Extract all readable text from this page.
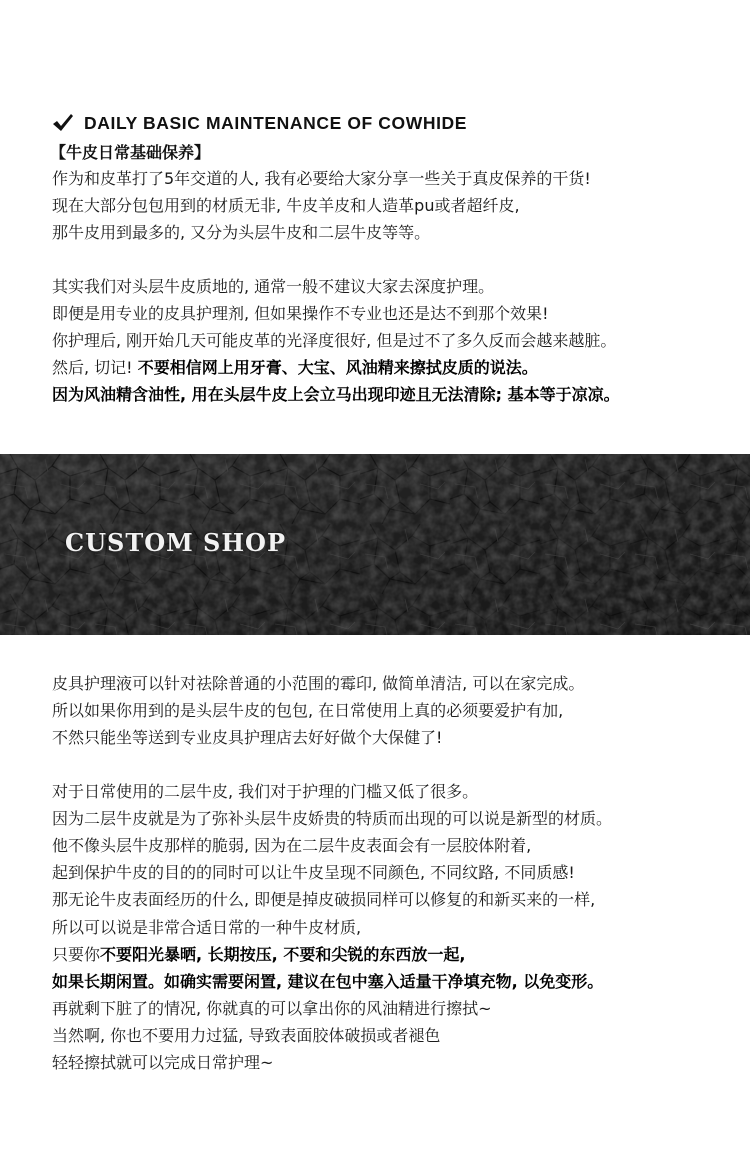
DAILY BASIC MAINTENANCE OF COWHIDE
【牛皮日常基础保养】

作为和皮革打了5年交道的人, 我有必要给大家分享一些关于真皮保养的干货!

现在大部分包包用到的材质无非, 牛皮羊皮和人造革pu或者超纤皮,

那牛皮用到最多的, 又分为头层牛皮和二层牛皮等等。

其实我们对头层牛皮质地的, 通常一般不建议大家去深度护理。

即便是用专业的皮具护理剂, 但如果操作不专业也还是达不到那个效果!

你护理后, 刚开始几天可能皮革的光泽度很好, 但是过不了多久反而会越来越脏。

然后, 切记! 不要相信网上用牙膏、大宝、风油精来擦拭皮质的说法。

因为风油精含油性, 用在头层牛皮上会立马出现印迹且无法清除; 基本等于凉凉。

CUSTOM SHOP

皮具护理液可以针对祛除普通的小范围的霉印, 做简单清洁, 可以在家完成。

所以如果你用到的是头层牛皮的包包, 在日常使用上真的必须要爱护有加,

不然只能坐等送到专业皮具护理店去好好做个大保健了!

对于日常使用的二层牛皮, 我们对于护理的门槛又低了很多。

因为二层牛皮就是为了弥补头层牛皮娇贵的特质而出现的可以说是新型的材质。

他不像头层牛皮那样的脆弱, 因为在二层牛皮表面会有一层胶体附着,

起到保护牛皮的目的的同时可以让牛皮呈现不同颜色, 不同纹路, 不同质感!

那无论牛皮表面经历的什么, 即便是掉皮破损同样可以修复的和新买来的一样,

所以可以说是非常合适日常的一种牛皮材质,

只要你不要阳光暴晒, 长期按压, 不要和尖锐的东西放一起,

如果长期闲置。如确实需要闲置, 建议在包中塞入适量干净填充物, 以免变形。

再就剩下脏了的情况, 你就真的可以拿出你的风油精进行擦拭~

当然啊, 你也不要用力过猛, 导致表面胶体破损或者褪色

轻轻擦拭就可以完成日常护理~
